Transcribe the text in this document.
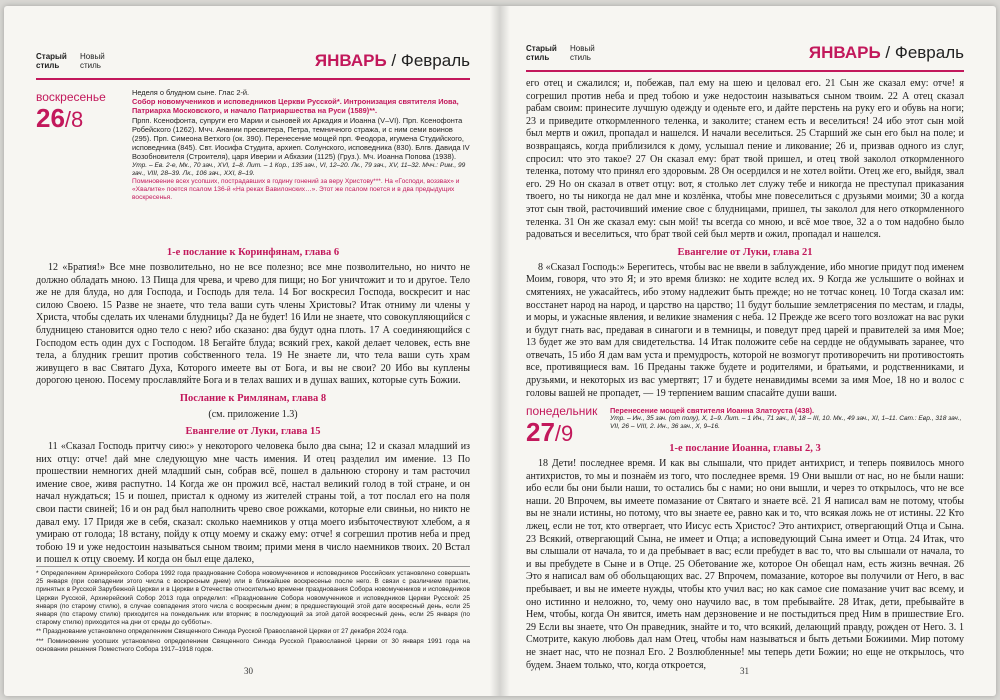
Старый стиль
Новый стиль	ЯНВАРЬ / Февраль
воскресенье
26/8
Неделя о блудном сыне. Глас 2-й.
Собор новомучеников и исповедников Церкви Русской*. Интронизация святителя Иова, Патриарха Московского, и начало Патриаршества на Руси (1589)**.
Прпп. Ксенофонта, супруги его Марии и сыновей их Аркадия и Иоанна (V–VI). Прп. Ксенофонта Робейского (1262). Мчч. Анании пресвитера, Петра, темничного стража, и с ним семи воинов (295). Прп. Симеона Ветхого (ок. 390). Перенесение мощей прп. Феодора, игумена Студийского, исповедника (845). Свт. Иосифа Студита, архиеп. Солунского, исповедника (830). Блгв. Давида IV Возобновителя (Строителя), царя Иверии и Абхазии (1125) (Груз.). Мч. Иоанна Попова (1938).
Утр. – Ев. 2-е, Мк., 70 зач., XVI, 1–8. Лит. – 1 Кор., 135 зач., VI, 12–20. Лк., 79 зач., XV, 11–32. Мчч.: Рим., 99 зач., VIII, 28–39. Лк., 106 зач., XXI, 8–19.
Поминовение всех усопших, пострадавших в годину гонений за веру Христову***. На «Господи, воззвах» и «Хвалите» поется псалом 136-й «На реках Вавилонских…». Этот же псалом поется и в два предыдущих воскресенья.
1-е послание к Коринфянам, глава 6

12 «Братия!» Все мне позволительно, но не все полезно; все мне позволительно, но ничто не должно обладать мною. 13 Пища для чрева, и чрево для пищи; но Бог уничтожит и то и другое. Тело же не для блуда, но для Господа, и Господь для тела. 14 Бог воскресил Господа, воскресит и нас силою Своею. 15 Разве не знаете, что тела ваши суть члены Христовы? Итак отниму ли члены у Христа, чтобы сделать их членами блудницы? Да не будет! 16 Или не знаете, что совокупляющийся с блудницею становится одно тело с нею? ибо сказано: два будут одна плоть. 17 А соединяющийся с Господом есть один дух с Господом. 18 Бегайте блуда; всякий грех, какой делает человек, есть вне тела, а блудник грешит против собственного тела. 19 Не знаете ли, что тела ваши суть храм живущего в вас Святаго Духа, Которого имеете вы от Бога, и вы не свои? 20 Ибо вы куплены дорогою ценою. Посему прославляйте Бога и в телах ваших и в душах ваших, которые суть Божии.

Послание к Римлянам, глава 8
(см. приложение 1.3)
Евангелие от Луки, глава 15

11 «Сказал Господь притчу сию:» у некоторого человека было два сына; 12 и сказал младший из них отцу: отче! дай мне следующую мне часть имения. И отец разделил им имение. 13 По прошествии немногих дней младший сын, собрав всё, пошел в дальнюю сторону и там расточил имение свое, живя распутно. 14 Когда же он прожил всё, настал великий голод в той стране, и он начал нуждаться; 15 и пошел, пристал к одному из жителей страны той, а тот послал его на поля свои пасти свиней; 16 и он рад был наполнить чрево свое рожками, которые ели свиньи, но никто не давал ему. 17 Придя же в себя, сказал: сколько наемников у отца моего избыточествуют хлебом, а я умираю от голода; 18 встану, пойду к отцу моему и скажу ему: отче! я согрешил против неба и пред тобою 19 и уже недостоин называться сыном твоим; прими меня в число наемников твоих. 20 Встал и пошел к отцу своему. И когда он был еще далеко,

* Определением Архиерейского Собора 1992 года празднование Собора новомучеников и исповедников Российских установлено совершать 25 января (при совпадении этого числа с воскресным днем) или в ближайшее воскресенье после него. В связи с различием практик, принятых в Русской Зарубежной Церкви и в Церкви в Отечестве относительно времени празднования Собора новомучеников и исповедников Церкви Русской, Архиерейский Собор 2013 года определил: «Празднование Собора новомучеников и исповедников Церкви Русской: 25 января (по старому стилю), в случае совпадения этого числа с воскресным днем; в предшествующий этой дате воскресный день, если 25 января (по старому стилю) приходится на понедельник или вторник; в последующий за этой датой воскресный день, если 25 января (по старому стилю) приходится на дни от среды до субботы».

** Празднование установлено определением Священного Синода Русской Православной Церкви от 27 декабря 2024 года.

*** Поминовение усопших установлено определением Священного Синода Русской Православной Церкви от 30 января 1991 года на основании решения Поместного Собора 1917–1918 годов.

30
Старый стиль
Новый стиль	ЯНВАРЬ / Февраль

его отец и сжалился; и, побежав, пал ему на шею и целовал его. 21 Сын же сказал ему: отче! я согрешил против неба и пред тобою и уже недостоин называться сыном твоим. 22 А отец сказал рабам своим: принесите лучшую одежду и оденьте его, и дайте перстень на руку его и обувь на ноги; 23 и приведите откормленного теленка, и заколите; станем есть и веселиться! 24 ибо этот сын мой был мертв и ожил, пропадал и нашелся. И начали веселиться. 25 Старший же сын его был на поле; и возвращаясь, когда приблизился к дому, услышал пение и ликование; 26 и, призвав одного из слуг, спросил: что это такое? 27 Он сказал ему: брат твой пришел, и отец твой заколол откормленного теленка, потому что принял его здоровым. 28 Он осердился и не хотел войти. Отец же его, выйдя, звал его. 29 Но он сказал в ответ отцу: вот, я столько лет служу тебе и никогда не преступал приказания твоего, но ты никогда не дал мне и козлёнка, чтобы мне повеселиться с друзьями моими; 30 а когда этот сын твой, расточивший имение свое с блудницами, пришел, ты заколол для него откормленного теленка. 31 Он же сказал ему: сын мой! ты всегда со мною, и всё мое твое, 32 а о том надобно было радоваться и веселиться, что брат твой сей был мертв и ожил, пропадал и нашелся.

Евангелие от Луки, глава 21

8 «Сказал Господь:» Берегитесь, чтобы вас не ввели в заблуждение, ибо многие придут под именем Моим, говоря, что это Я; и это время близко: не ходите вслед их. 9 Когда же услышите о войнах и смятениях, не ужасайтесь, ибо этому надлежит быть прежде; но не тотчас конец. 10 Тогда сказал им: восстанет народ на народ, и царство на царство; 11 будут большие землетрясения по местам, и глады, и моры, и ужасные явления, и великие знамения с неба. 12 Прежде же всего того возложат на вас руки и будут гнать вас, предавая в синагоги и в темницы, и поведут пред царей и правителей за имя Мое; 13 будет же это вам для свидетельства. 14 Итак положите себе на сердце не обдумывать заранее, что отвечать, 15 ибо Я дам вам уста и премудрость, которой не возмогут противоречить ни противостоять все, противящиеся вам. 16 Преданы также будете и родителями, и братьями, и родственниками, и друзьями, и некоторых из вас умертвят; 17 и будете ненавидимы всеми за имя Мое, 18 но и волос с головы вашей не пропадет, — 19 терпением вашим спасайте души ваши.

понедельник
27/9
Перенесение мощей святителя Иоанна Златоуста (438).
Утр. – Ин., 35 зач. (от полу), X, 1–9. Лит. – 1 Ин., 71 зач., II, 18 – III, 10. Мк., 49 зач., XI, 1–11. Свт.: Евр., 318 зач., VII, 26 – VIII, 2. Ин., 36 зач., X, 9–16.
1-е послание Иоанна, главы 2, 3

18 Дети! последнее время. И как вы слышали, что придет антихрист, и теперь появилось много антихристов, то мы и познаём из того, что последнее время. 19 Они вышли от нас, но не были наши: ибо если бы они были наши, то остались бы с нами; но они вышли, и через то открылось, что не все наши. 20 Впрочем, вы имеете помазание от Святаго и знаете всё. 21 Я написал вам не потому, чтобы вы не знали истины, но потому, что вы знаете ее, равно как и то, что всякая ложь не от истины. 22 Кто лжец, если не тот, кто отвергает, что Иисус есть Христос? Это антихрист, отвергающий Отца и Сына. 23 Всякий, отвергающий Сына, не имеет и Отца; а исповедующий Сына имеет и Отца. 24 Итак, что вы слышали от начала, то и да пребывает в вас; если пребудет в вас то, что вы слышали от начала, то и вы пребудете в Сыне и в Отце. 25 Обетование же, которое Он обещал нам, есть жизнь вечная. 26 Это я написал вам об обольщающих вас. 27 Впрочем, помазание, которое вы получили от Него, в вас пребывает, и вы не имеете нужды, чтобы кто учил вас; но как самое сие помазание учит вас всему, и оно истинно и неложно, то, чему оно научило вас, в том пребывайте. 28 Итак, дети, пребывайте в Нем, чтобы, когда Он явится, иметь нам дерзновение и не постыдиться пред Ним в пришествие Его. 29 Если вы знаете, что Он праведник, знайте и то, что всякий, делающий правду, рожден от Него. 3. 1 Смотрите, какую любовь дал нам Отец, чтобы нам называться и быть детьми Божиими. Мир потому не знает нас, что не познал Его. 2 Возлюбленные! мы теперь дети Божии; но еще не открылось, что будем. Знаем только, что, когда откроется,

31
